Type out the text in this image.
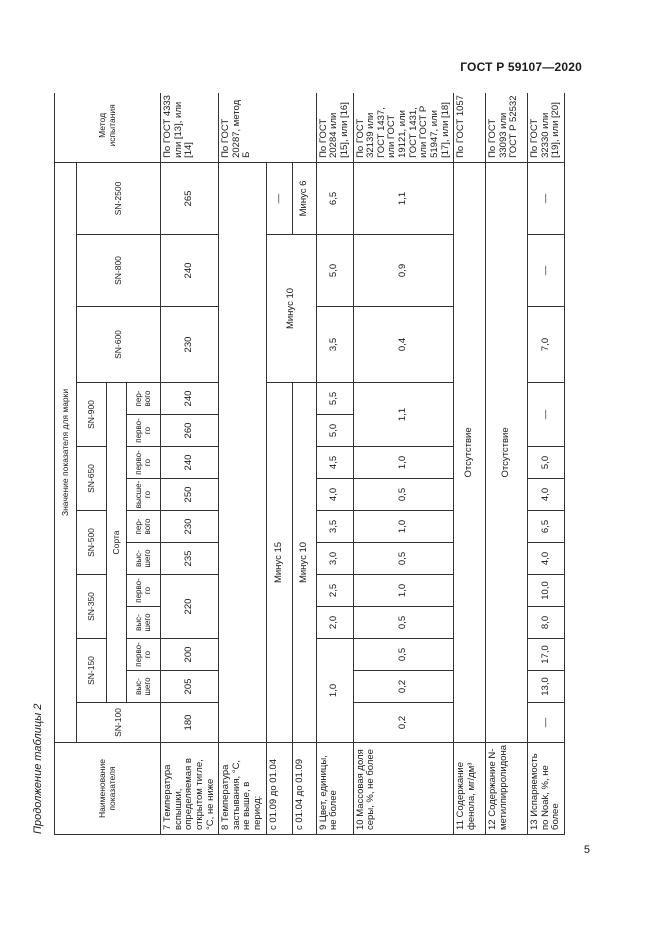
ГОСТ Р 59107—2020
Продолжение таблицы 2	Наименование показателя	Значение показателя для марки														Метод испытания
	SN-100	SN-150		SN-350		SN-500		SN-650		SN-900		SN-600	SN-800	SN-2500	
		Сорта													
		выс-шего	перво-го	выс-шего	перво-го	выс-шего	пер-вого	высше-го	перво-го	перво-го	пер-вого				
7 Температура вспышки, определяемая в открытом тигле, °С, не ниже	180	205	200	220		235	230	250	240	260	240	230	240	265	По ГОСТ 4333 или [13], или [14]
8 Температура застывания, °С, не выше, в период:															По ГОСТ 20287, метод Б
с 01.09 до 01.04	Минус 15											Минус 10		—	
с 01.04 до 01.09	Минус 10													Минус 6	
9 Цвет, единицы, не более	1,0			2,0	2,5	3,0	3,5	4,0	4,5	5,0	5,5	3,5	5,0	6,5	По ГОСТ 20284 или [15], или [16]
10 Массовая доля серы, %, не более	0,2	0,2	0,5	0,5	1,0	0,5	1,0	0,5	1,0	1,1		0,4	0,9	1,1	По ГОСТ 32139 или ГОСТ 1437, или ГОСТ 19121, или ГОСТ 1431, или ГОСТ Р 51947, или [17], или [18]
11 Содержание фенола, мг/дм³	Отсутствие														По ГОСТ 1057
12 Содержание N-метилпирролидона	Отсутствие														По ГОСТ 33093 или ГОСТ Р 52532
13 Испаряемость по Noak, %, не более	—	13,0	17,0	8,0	10,0	4,0	6,5	4,0	5,0	—		7,0	—	—	По ГОСТ 32330 или [19], или [20]
5
